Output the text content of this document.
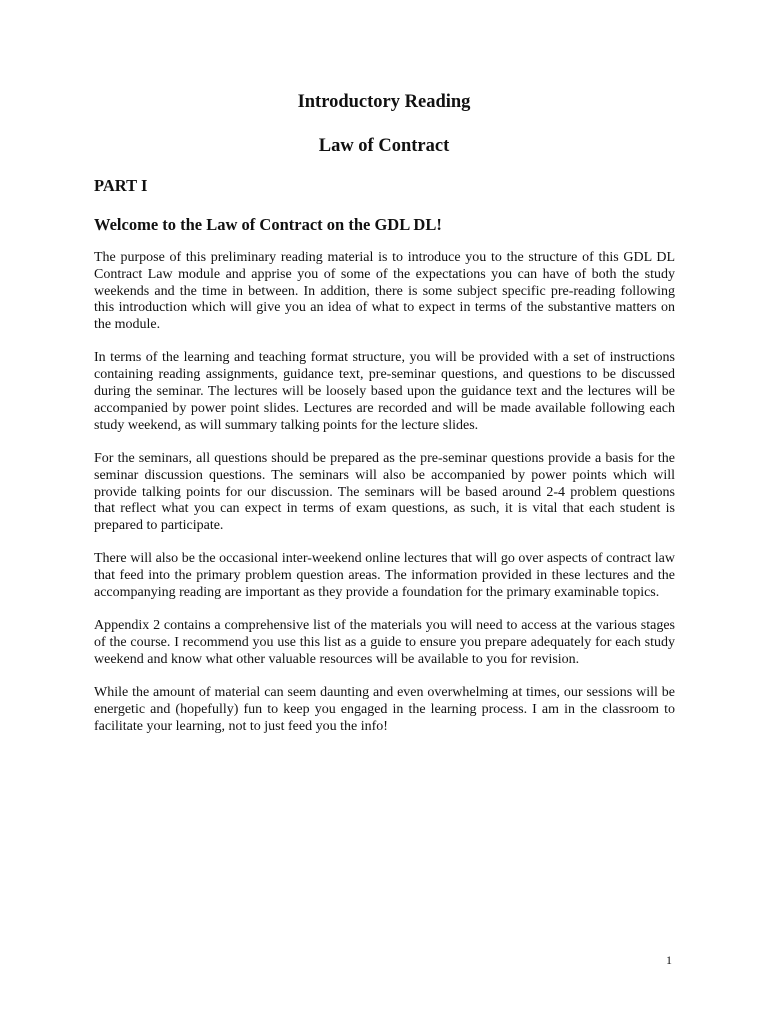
Introductory Reading
Law of Contract
PART I
Welcome to the Law of Contract on the GDL DL!

The purpose of this preliminary reading material is to introduce you to the structure of this GDL DL Contract Law module and apprise you of some of the expectations you can have of both the study weekends and the time in between. In addition, there is some subject specific pre-reading following this introduction which will give you an idea of what to expect in terms of the substantive matters on the module.

In terms of the learning and teaching format structure, you will be provided with a set of instructions containing reading assignments, guidance text, pre-seminar questions, and questions to be discussed during the seminar. The lectures will be loosely based upon the guidance text and the lectures will be accompanied by power point slides. Lectures are recorded and will be made available following each study weekend, as will summary talking points for the lecture slides.

For the seminars, all questions should be prepared as the pre-seminar questions provide a basis for the seminar discussion questions. The seminars will also be accompanied by power points which will provide talking points for our discussion. The seminars will be based around 2-4 problem questions that reflect what you can expect in terms of exam questions, as such, it is vital that each student is prepared to participate.

There will also be the occasional inter-weekend online lectures that will go over aspects of contract law that feed into the primary problem question areas. The information provided in these lectures and the accompanying reading are important as they provide a foundation for the primary examinable topics.

Appendix 2 contains a comprehensive list of the materials you will need to access at the various stages of the course. I recommend you use this list as a guide to ensure you prepare adequately for each study weekend and know what other valuable resources will be available to you for revision.

While the amount of material can seem daunting and even overwhelming at times, our sessions will be energetic and (hopefully) fun to keep you engaged in the learning process. I am in the classroom to facilitate your learning, not to just feed you the info!

1
